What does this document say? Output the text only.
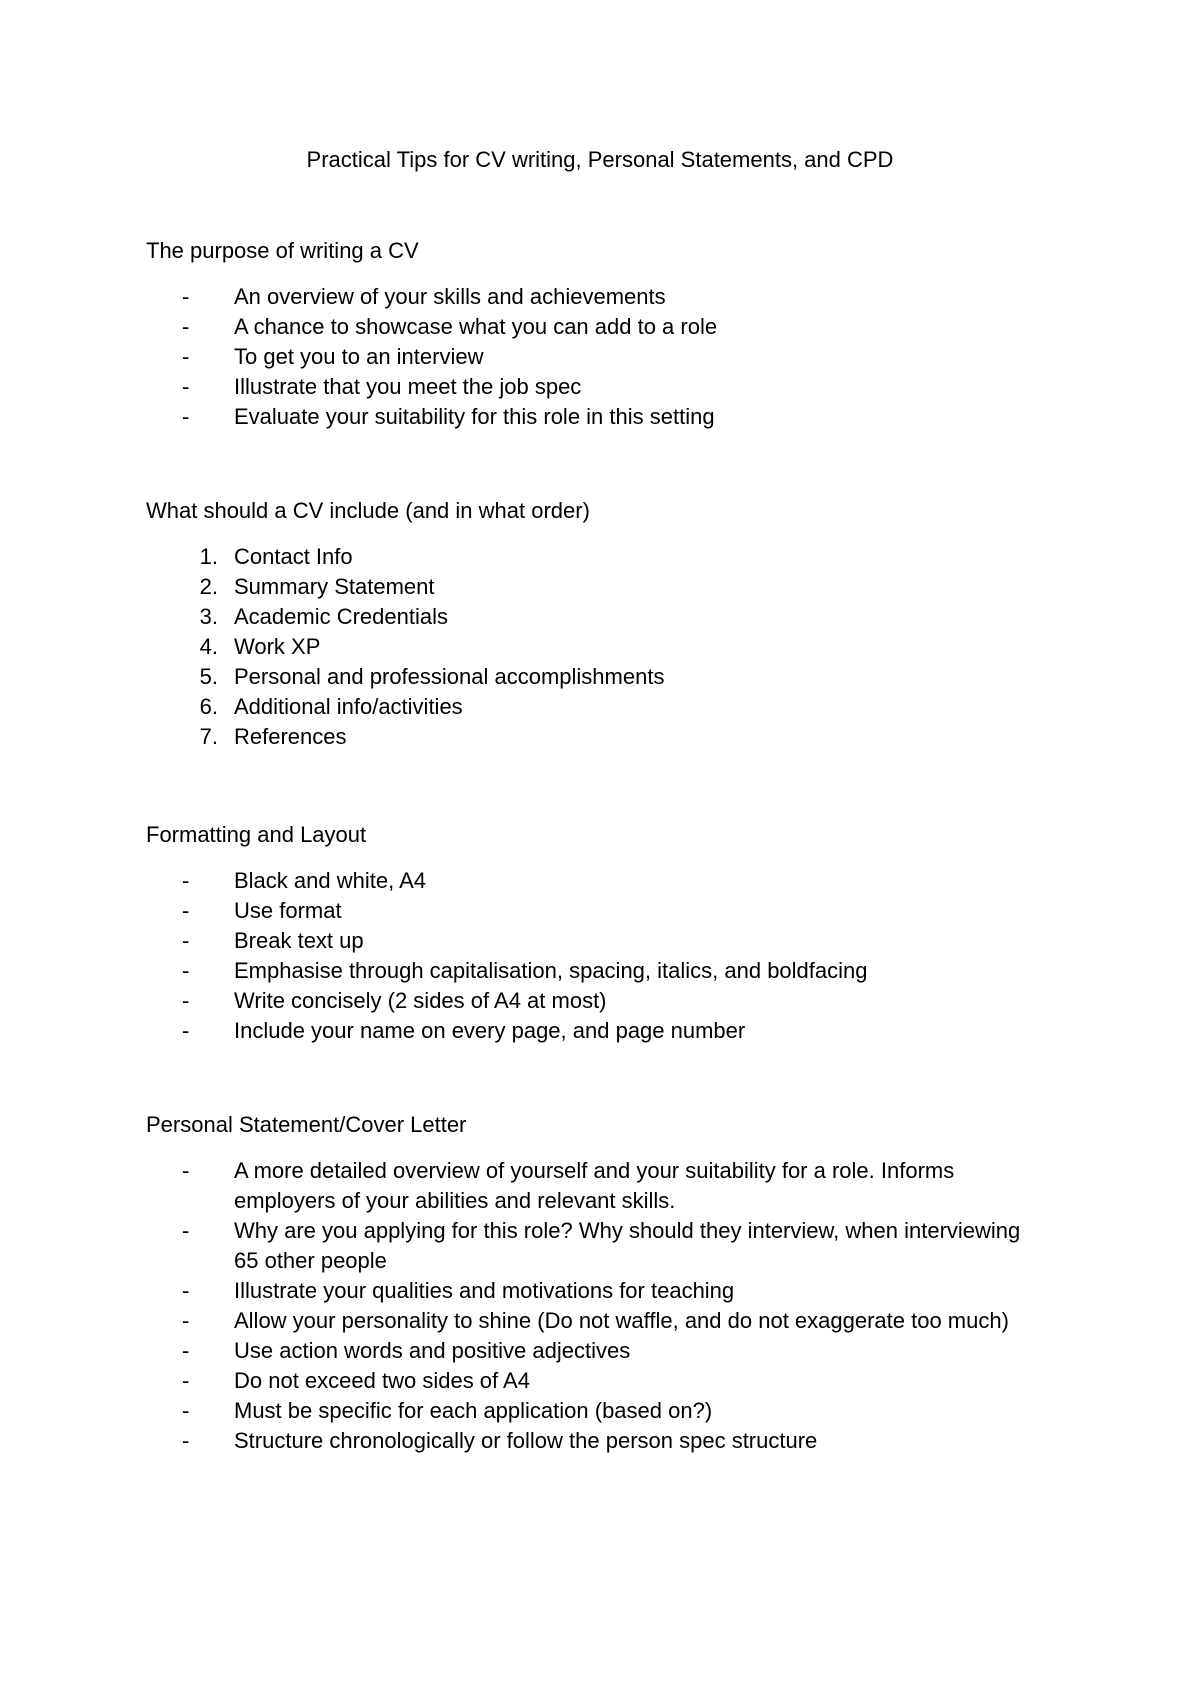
Practical Tips for CV writing, Personal Statements, and CPD
The purpose of writing a CV
-	An overview of your skills and achievements
-	A chance to showcase what you can add to a role
-	To get you to an interview
-	Illustrate that you meet the job spec
-	Evaluate your suitability for this role in this setting
What should a CV include (and in what order)
1. Contact Info
2. Summary Statement
3. Academic Credentials
4. Work XP
5. Personal and professional accomplishments
6. Additional info/activities
7. References
Formatting and Layout
-	Black and white, A4
-	Use format
-	Break text up
-	Emphasise through capitalisation, spacing, italics, and boldfacing
-	Write concisely (2 sides of A4 at most)
-	Include your name on every page, and page number
Personal Statement/Cover Letter
-	A more detailed overview of yourself and your suitability for a role. Informs employers of your abilities and relevant skills.
-	Why are you applying for this role? Why should they interview, when interviewing 65 other people
-	Illustrate your qualities and motivations for teaching
-	Allow your personality to shine (Do not waffle, and do not exaggerate too much)
-	Use action words and positive adjectives
-	Do not exceed two sides of A4
-	Must be specific for each application (based on?)
-	Structure chronologically or follow the person spec structure
